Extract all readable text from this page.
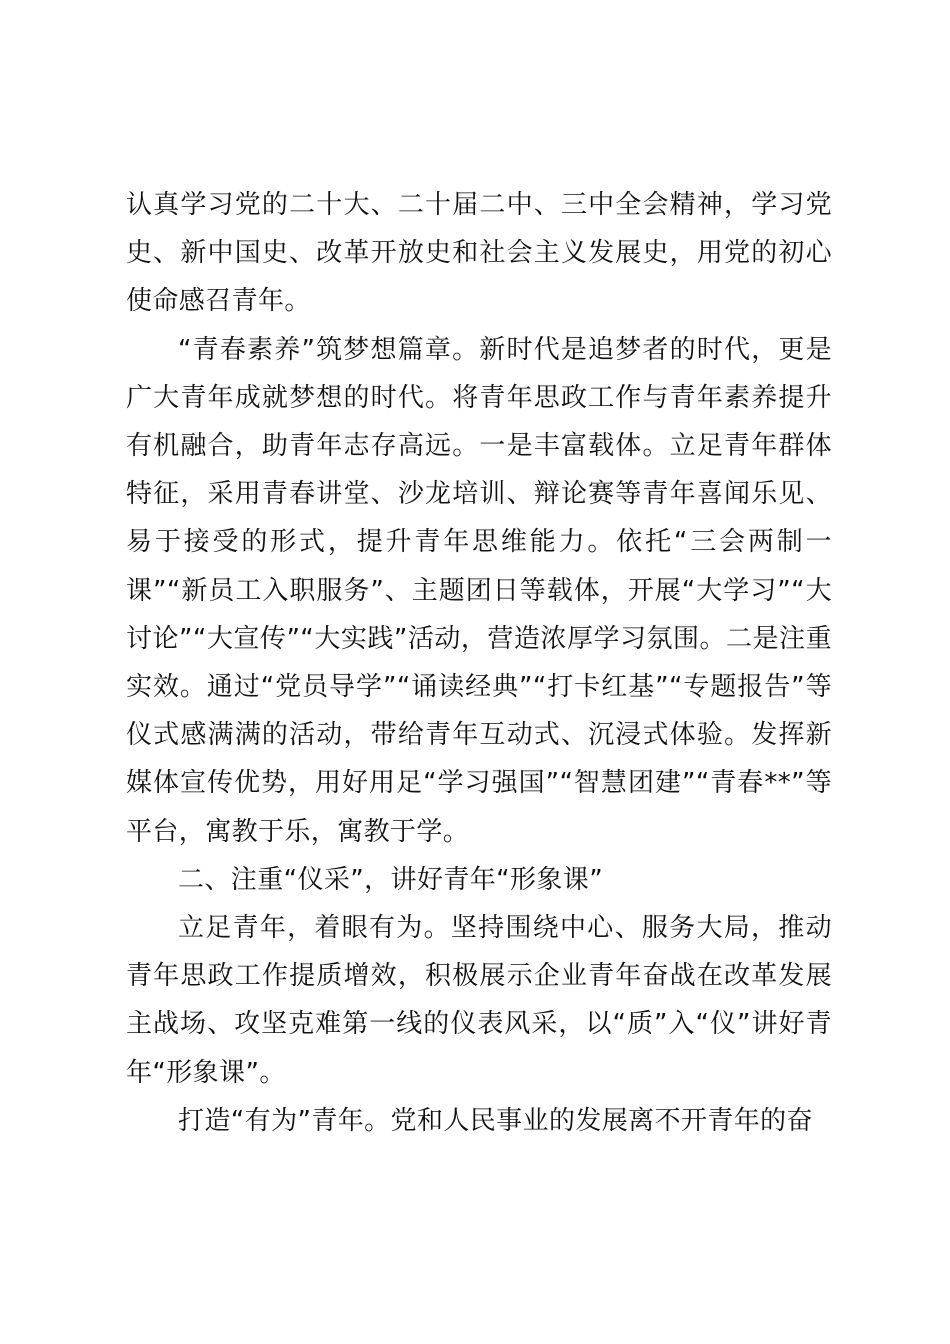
认真学习党的二十大、二十届二中、三中全会精神，学习党史、新中国史、改革开放史和社会主义发展史，用党的初心使命感召青年。

“青春素养”筑梦想篇章。新时代是追梦者的时代，更是广大青年成就梦想的时代。将青年思政工作与青年素养提升有机融合，助青年志存高远。一是丰富载体。立足青年群体特征，采用青春讲堂、沙龙培训、辩论赛等青年喜闻乐见、易于接受的形式，提升青年思维能力。依托“三会两制一课”“新员工入职服务”、主题团日等载体，开展“大学习”“大讨论”“大宣传”“大实践”活动，营造浓厚学习氛围。二是注重实效。通过“党员导学”“诵读经典”“打卡红基”“专题报告”等仪式感满满的活动，带给青年互动式、沉浸式体验。发挥新媒体宣传优势，用好用足“学习强国”“智慧团建”“青春**”等平台，寓教于乐，寓教于学。

二、注重“仪采”，讲好青年“形象课”

立足青年，着眼有为。坚持围绕中心、服务大局，推动青年思政工作提质增效，积极展示企业青年奋战在改革发展主战场、攻坚克难第一线的仪表风采，以“质”入“仪”讲好青年“形象课”。

打造“有为”青年。党和人民事业的发展离不开青年的奋
